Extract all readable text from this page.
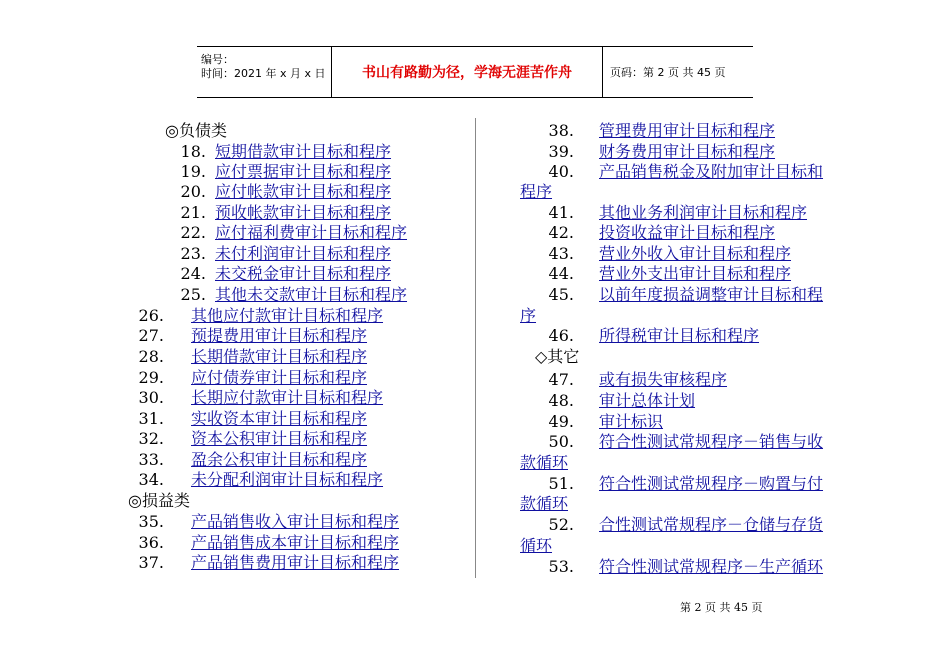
编号：
时间：2021 年 x 月 x 日	书山有路勤为径，学海无涯苦作舟	页码：第 2 页 共 45 页
◎负债类
18. 短期借款审计目标和程序
19. 应付票据审计目标和程序
20. 应付帐款审计目标和程序
21. 预收帐款审计目标和程序
22. 应付福利费审计目标和程序
23. 未付利润审计目标和程序
24. 未交税金审计目标和程序
25. 其他未交款审计目标和程序
26. 其他应付款审计目标和程序
27. 预提费用审计目标和程序
28. 长期借款审计目标和程序
29. 应付债券审计目标和程序
30. 长期应付款审计目标和程序
31. 实收资本审计目标和程序
32. 资本公积审计目标和程序
33. 盈余公积审计目标和程序
34. 未分配利润审计目标和程序
◎损益类
35. 产品销售收入审计目标和程序
36. 产品销售成本审计目标和程序
37. 产品销售费用审计目标和程序
38. 管理费用审计目标和程序
39. 财务费用审计目标和程序
40. 产品销售税金及附加审计目标和
程序
41. 其他业务利润审计目标和程序
42. 投资收益审计目标和程序
43. 营业外收入审计目标和程序
44. 营业外支出审计目标和程序
45. 以前年度损益调整审计目标和程
序
46. 所得税审计目标和程序
◇其它
47. 或有损失审核程序
48. 审计总体计划
49. 审计标识
50. 符合性测试常规程序－销售与收
款循环
51. 符合性测试常规程序－购置与付
款循环
52. 合性测试常规程序－仓储与存货
循环
53. 符合性测试常规程序－生产循环
第 2 页 共 45 页
